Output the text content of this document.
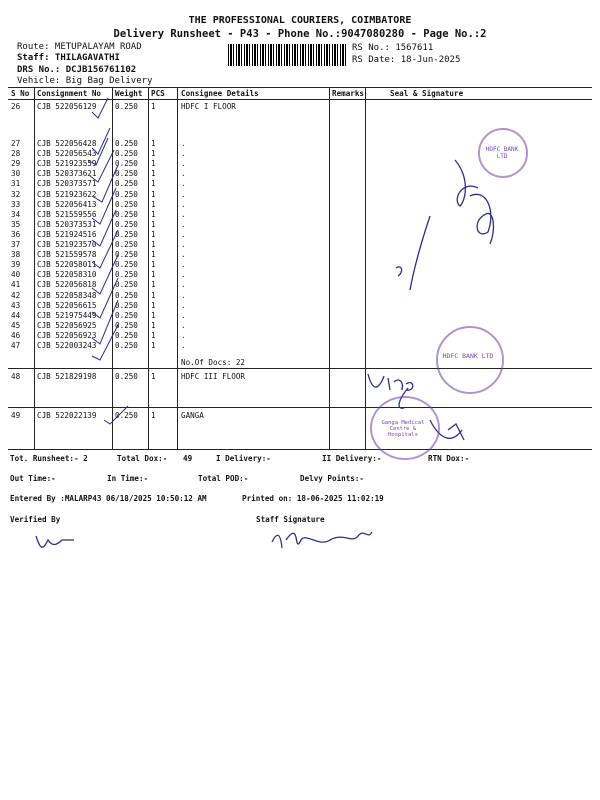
THE PROFESSIONAL COURIERS, COIMBATORE
Delivery Runsheet - P43 - Phone No.:9047080280 - Page No.:2
Route: METUPALAYAM ROAD
Staff: THILAGAVATHI
DRS No.: DCJB156761102
Vehicle: Big Bag Delivery
RS No.: 1567611
RS Date: 18-Jun-2025
S No Consignment No Weight PCS Consignee Details	Remarks	Seal & Signature
26 CJB 522056129 0.250 1	HDFC I FLOOR
27 CJB 522056428 0.250 1	.
28 CJB 522056543 0.250 1	.
29 CJB 521923559 0.250 1	.
30 CJB 520373621 0.250 1	.
31 CJB 520373571 0.250 1	.
32 CJB 521923622 0.250 1	.
33 CJB 522056413 0.250 1	.
34 CJB 521559556 0.250 1	.
35 CJB 520373531 0.250 1	.
36 CJB 521924516 0.250 1	.
37 CJB 521923570 0.250 1	.
38 CJB 521559578 0.250 1	.
39 CJB 522058011 0.250 1	.
40 CJB 522058310 0.250 1	.
41 CJB 522056818 0.250 1	.
42 CJB 522058348 0.250 1	.
43 CJB 522056615 0.250 1	.
44 CJB 521975449 0.250 1	.
45 CJB 522056925 0.250 1	.
46 CJB 522056923 0.250 1	.
47 CJB 522003243 0.250 1	.
48 CJB 521829198 0.250 1	HDFC III FLOOR
49 CJB 522022139 0.250 1	GANGA
No.Of Docs: 22
HDFC BANK LTD
HDFC BANK LTD
Ganga Medical Centre & Hospitals
Tot. Runsheet:- 2	Total Dox:- 49	I Delivery:-	II Delivery:-	RTN Dox:-
Out Time:-	In Time:-	Total POD:-	Delvy Points:-
Entered By :MALARP43 06/18/2025 10:50:12 AM	Printed on: 18-06-2025 11:02:19
Verified By	Staff Signature
